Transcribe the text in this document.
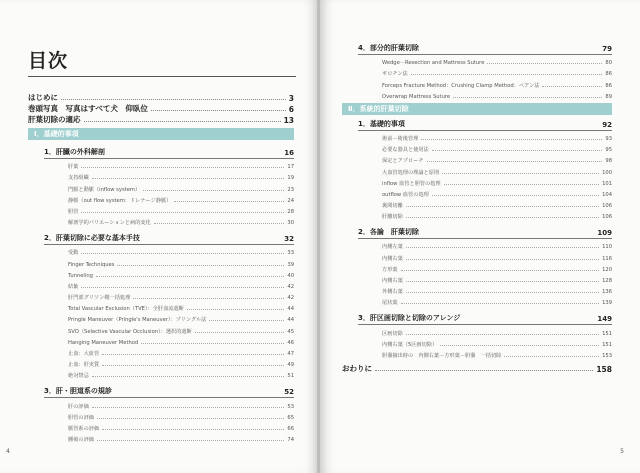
目次
はじめに	3
巻頭写真　写真はすべて犬　仰臥位	6
肝葉切除の適応	13
Ⅰ．基礎的事項
1．肝臓の外科解剖	16
肝葉	17
支持組織	19
門脈と動脈（inflow system）	23
静脈（out flow system：ドレナージ静脈）	24
胆管	28
解剖学的バリエーションと病的変化	30
2．肝葉切除に必要な基本手技	32
受動	33
Finger Techniques	39
Tunneling	40
結紮	42
肝門部グリソン鞘一括処理	42
Total Vascular Exclusion（TVE）：全肝血流遮断	44
Pringle Maneuver（Pringle's Maneuver）：プリングル法	44
SVO（Selective Vascular Occlusion）：選択的遮断	45
Hanging Maneuver Method	46
止血：大血管	47
止血：肝実質	49
絶対禁忌	51
3．肝・胆道系の規診	52
肝の評価	53
胆管の評価	65
脈管系の評価	66
腫瘍の評価	74
4
4．部分的肝葉切除	79
Wedge－Resection and Mattress Suture	80
ギロチン法	86
Forceps Fracture Method：Crushing Clamp Method：ペアン法	86
Overwrap Mattress Suture	89
Ⅱ．系統的肝葉切除
1．基礎的事項	92
術前－術後管理	93
必要な器具と使用法	95
保定とアプローチ	98
大血管処理の理論と原則	100
inflow 血管と胆管の処理	101
outflow 血管の処理	104
裏間切離	106
肝離切除	106
2．各論　肝葉切除	109
内側左葉	110
内側右葉	116
方形葉	120
内側右葉	128
外側右葉	136
尾状葉	139
3．肝区画切除と切除のアレンジ	149
区画切除	151
内側右葉（5区画切除）	151
胆嚢摘出時の　内側右葉－方形葉－胆嚢　一括切除	153
おわりに	158
5
